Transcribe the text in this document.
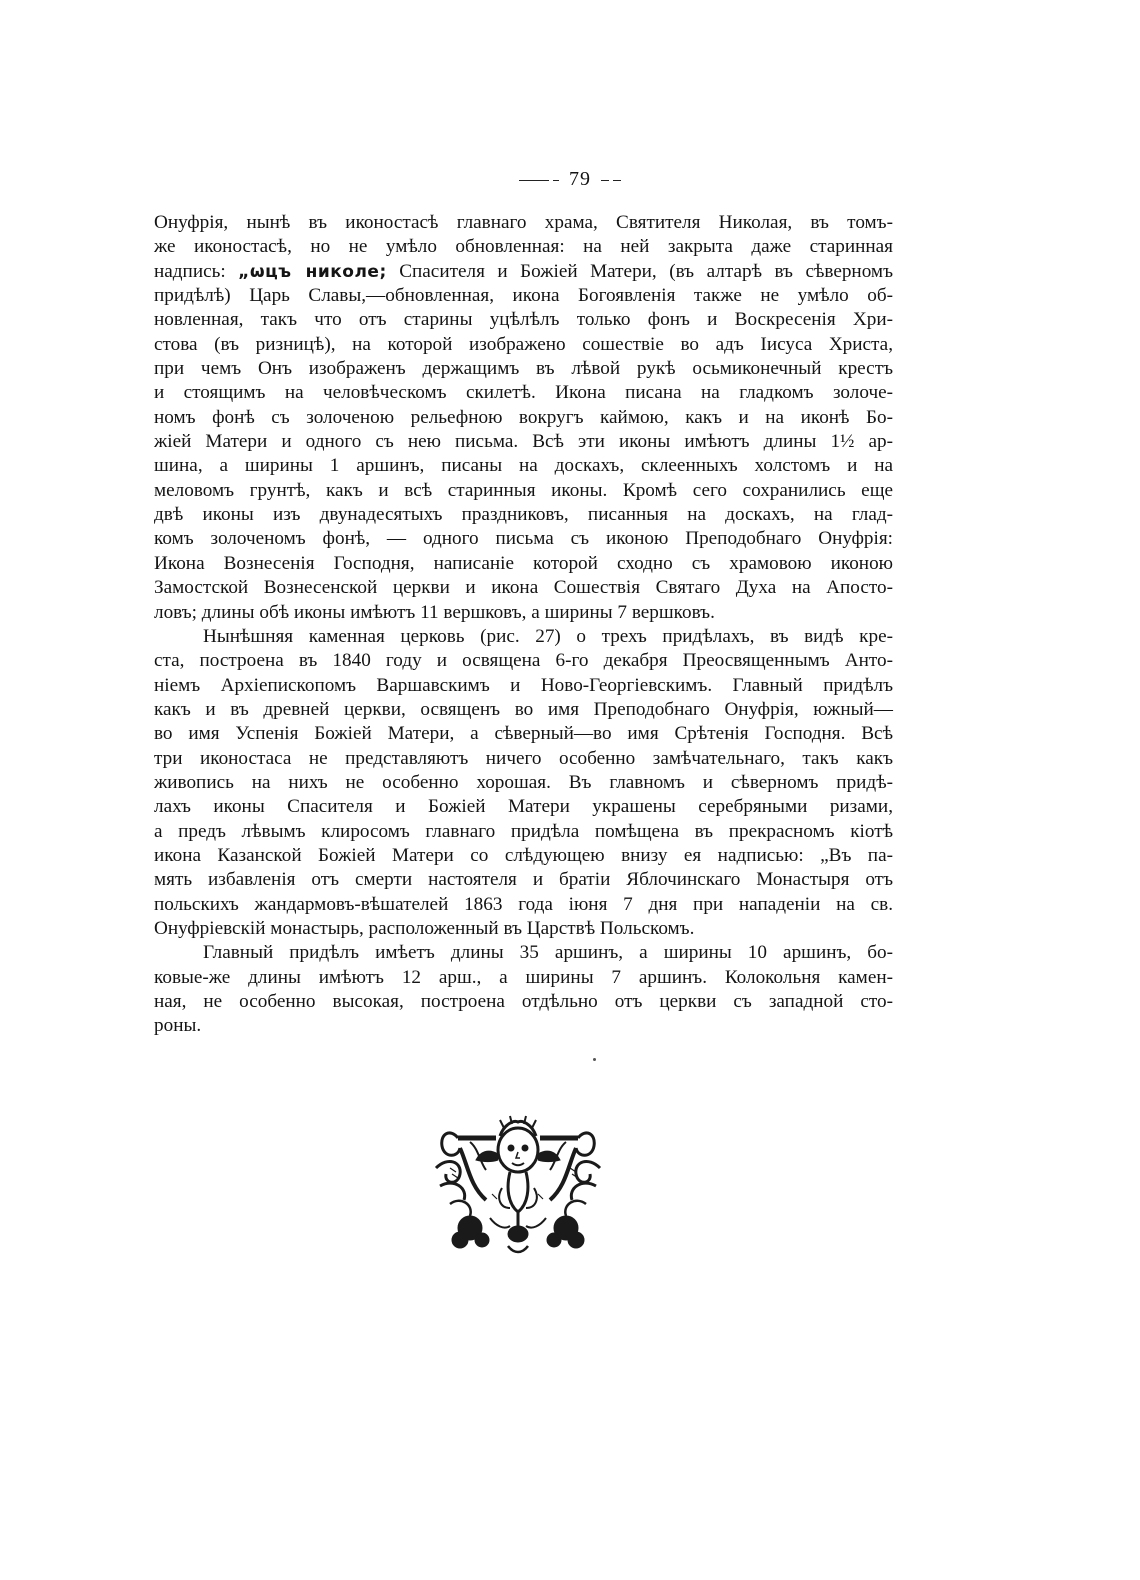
79

Онуфрія, нынѣ въ иконостасѣ главнаго храма, Святителя Николая, въ томъ-
же иконостасѣ, но не умѣло обновленная: на ней закрыта даже старинная
надпись: „ѡцъ николе; Спасителя и Божіей Матери, (въ алтарѣ въ сѣверномъ
придѣлѣ) Царь Славы,—обновленная, икона Богоявленія также не умѣло об-
новленная, такъ что отъ старины уцѣлѣлъ только фонъ и Воскресенія Хри-
стова (въ ризницѣ), на которой изображено сошествіе во адъ Іисуса Христа,
при чемъ Онъ изображенъ держащимъ въ лѣвой рукѣ осьмиконечный крестъ
и стоящимъ на человѣческомъ скилетѣ. Икона писана на гладкомъ золоче-
номъ фонѣ съ золоченою рельефною вокругъ каймою, какъ и на иконѣ Бо-
жіей Матери и одного съ нею письма. Всѣ эти иконы имѣютъ длины 1½ ар-
шина, а ширины 1 аршинъ, писаны на доскахъ, склеенныхъ холстомъ и на
меловомъ грунтѣ, какъ и всѣ старинныя иконы. Кромѣ сего сохранились еще
двѣ иконы изъ двунадесятыхъ праздниковъ, писанныя на доскахъ, на глад-
комъ золоченомъ фонѣ, — одного письма съ иконою Преподобнаго Онуфрія:
Икона Вознесенія Господня, написаніе которой сходно съ храмовою иконою
Замостской Вознесенской церкви и икона Сошествія Святаго Духа на Апосто-
ловъ; длины обѣ иконы имѣютъ 11 вершковъ, а ширины 7 вершковъ.

Нынѣшняя каменная церковь (рис. 27) о трехъ придѣлахъ, въ видѣ кре-
ста, построена въ 1840 году и освящена 6-го декабря Преосвященнымъ Анто-
ніемъ Архіепископомъ Варшавскимъ и Ново-Георгіевскимъ. Главный придѣлъ
какъ и въ древней церкви, освященъ во имя Преподобнаго Онуфрія, южный—
во имя Успенія Божіей Матери, а сѣверный—во имя Срѣтенія Господня. Всѣ
три иконостаса не представляютъ ничего особенно замѣчательнаго, такъ какъ
живопись на нихъ не особенно хорошая. Въ главномъ и сѣверномъ придѣ-
лахъ иконы Спасителя и Божіей Матери украшены серебряными ризами,
а предъ лѣвымъ клиросомъ главнаго придѣла помѣщена въ прекрасномъ кіотѣ
икона Казанской Божіей Матери со слѣдующею внизу ея надписью: „Въ па-
мять избавленія отъ смерти настоятеля и братіи Яблочинскаго Монастыря отъ
польскихъ жандармовъ-вѣшателей 1863 года іюня 7 дня при нападеніи на св.
Онуфріевскій монастырь, расположенный въ Царствѣ Польскомъ.

Главный придѣлъ имѣетъ длины 35 аршинъ, а ширины 10 аршинъ, бо-
ковые-же длины имѣютъ 12 арш., а ширины 7 аршинъ. Колокольня камен-
ная, не особенно высокая, построена отдѣльно отъ церкви съ западной сто-
роны.
